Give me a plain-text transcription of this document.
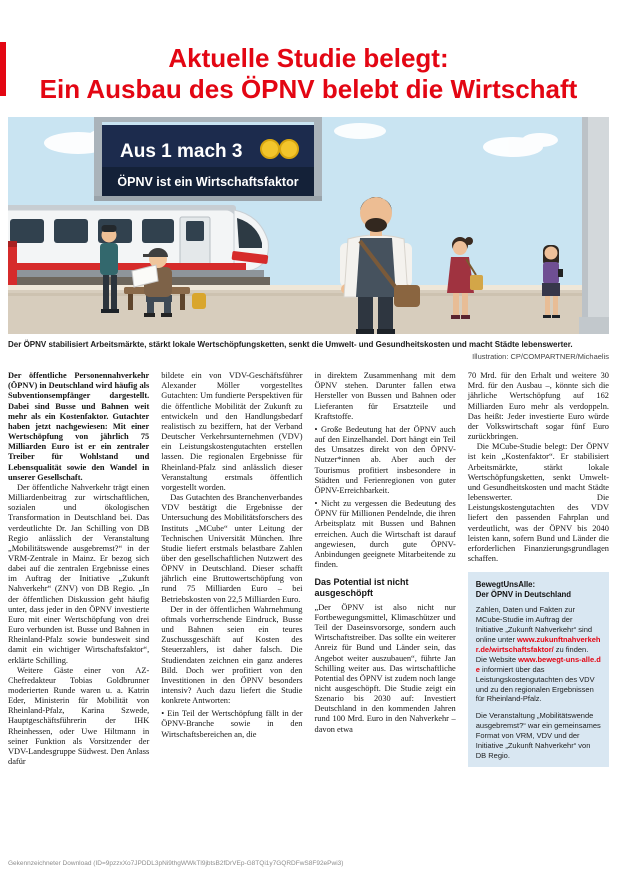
Aktuelle Studie belegt:
Ein Ausbau des ÖPNV belebt die Wirtschaft
Aus 1 mach 3
ÖPNV ist ein Wirtschaftsfaktor
Der ÖPNV stabilisiert Arbeitsmärkte, stärkt lokale Wertschöpfungsketten, senkt die Umwelt- und Gesundheitskosten und macht Städte lebenswerter.
Illustration: CP/COMPARTNER/Michaelis

Der öffentliche Personennahverkehr (ÖPNV) in Deutschland wird häufig als Subventionsempfänger dargestellt. Dabei sind Busse und Bahnen weit mehr als ein Kostenfaktor. Gutachter haben jetzt nachgewiesen: Mit einer Wertschöpfung von jährlich 75 Milliarden Euro ist er ein zentraler Treiber für Wohlstand und Lebensqualität sowie den Wandel in unserer Gesellschaft.

Der öffentliche Nahverkehr trägt einen Milliardenbeitrag zur wirtschaftlichen, sozialen und ökologischen Transformation in Deutschland bei. Das verdeutlichte Dr. Jan Schilling von DB Regio anlässlich der Veranstaltung „Mobilitätswende ausgebremst?“ in der VRM-Zentrale in Mainz. Er bezog sich dabei auf die zentralen Ergebnisse eines im Auftrag der Initiative „Zukunft Nahverkehr“ (ZNV) von DB Regio. „In der öffentlichen Diskussion geht häufig unter, dass jeder in den ÖPNV investierte Euro mit einer Wertschöpfung von drei Euro verbunden ist. Busse und Bahnen in Rheinland-Pfalz sowie bundesweit sind damit ein wichtiger Wirtschaftsfaktor“, erklärte Schilling.

Weitere Gäste einer von AZ-Chefredakteur Tobias Goldbrunner moderierten Runde waren u. a. Katrin Eder, Ministerin für Mobilität von Rheinland-Pfalz, Karina Szwede, Hauptgeschäftsführerin der IHK Rheinhessen, oder Uwe Hiltmann in seiner Funktion als Vorsitzender der VDV-Landesgruppe Südwest. Den Anlass dafür

bildete ein von VDV-Geschäftsführer Alexander Möller vorgestelltes Gutachten: Um fundierte Perspektiven für die öffentliche Mobilität der Zukunft zu entwickeln und den Handlungsbedarf realistisch zu beziffern, hat der Verband Deutscher Verkehrsunternehmen (VDV) ein Leistungskostengutachten erstellen lassen. Die regionalen Ergebnisse für Rheinland-Pfalz sind anlässlich dieser Veranstaltung erstmals öffentlich vorgestellt worden.

Das Gutachten des Branchenverbandes VDV bestätigt die Ergebnisse der Untersuchung des Mobilitätsforschers des Instituts „MCube“ unter Leitung der Technischen Universität München. Ihre Studie liefert erstmals belastbare Zahlen über den gesellschaftlichen Nutzwert des ÖPNV in Deutschland. Dieser schafft jährlich eine Bruttowertschöpfung von rund 75 Milliarden Euro – bei Betriebskosten von 22,5 Milliarden Euro.

Der in der öffentlichen Wahrnehmung oftmals vorherrschende Eindruck, Busse und Bahnen seien ein teures Zuschussgeschäft auf Kosten des Steuerzahlers, ist daher falsch. Die Studiendaten zeichnen ein ganz anderes Bild. Doch wer profitiert von den Investitionen in den ÖPNV besonders intensiv? Auch dazu liefert die Studie konkrete Antworten:

• Ein Teil der Wertschöpfung fällt in der ÖPNV-Branche sowie in den Wirtschaftsbereichen an, die

in direktem Zusammenhang mit dem ÖPNV stehen. Darunter fallen etwa Hersteller von Bussen und Bahnen oder Lieferanten für Ersatzteile und Kraftstoffe.

• Große Bedeutung hat der ÖPNV auch auf den Einzelhandel. Dort hängt ein Teil des Umsatzes direkt von den ÖPNV-Nutzer*innen ab. Aber auch der Tourismus profitiert insbesondere in Städten und Ferienregionen von guter ÖPNV-Erreichbarkeit.

• Nicht zu vergessen die Bedeutung des ÖPNV für Millionen Pendelnde, die ihren Arbeitsplatz mit Bussen und Bahnen erreichen. Auch die Wirtschaft ist darauf angewiesen, durch gute ÖPNV-Anbindungen geeignete Mitarbeitende zu finden.

Das Potential ist nicht ausgeschöpft

„Der ÖPNV ist also nicht nur Fortbewegungsmittel, Klimaschützer und Teil der Daseinsvorsorge, sondern auch Wirtschaftstreiber. Das sollte ein weiterer Anreiz für Bund und Länder sein, das Angebot weiter auszubauen“, führte Jan Schilling weiter aus. Das wirtschaftliche Potential des ÖPNV ist zudem noch lange nicht ausgeschöpft. Die Studie zeigt ein Szenario bis 2030 auf: Investiert Deutschland in den kommenden Jahren rund 100 Mrd. Euro in den Nahverkehr – davon etwa

70 Mrd. für den Erhalt und weitere 30 Mrd. für den Ausbau –, könnte sich die jährliche Wertschöpfung auf 162 Milliarden Euro mehr als verdoppeln. Das heißt: Jeder investierte Euro würde der Volkswirtschaft sogar fünf Euro zurückbringen.

Die MCube-Studie belegt: Der ÖPNV ist kein „Kostenfaktor“. Er stabilisiert Arbeitsmärkte, stärkt lokale Wertschöpfungsketten, senkt Umwelt- und Gesundheitskosten und macht Städte lebenswerter. Die Leistungskostengutachten des VDV liefert den passenden Fahrplan und verdeutlicht, was der ÖPNV bis 2040 leisten kann, sofern Bund und Länder die erforderlichen Finanzierungsgrundlagen schaffen.

BewegtUnsAlle:
Der ÖPNV in Deutschland

Zahlen, Daten und Fakten zur MCube-Studie im Auftrag der Initiative „Zukunft Nahverkehr“ sind online unter www.zukunftnahverkehr.de/wirtschaftsfaktor/ zu finden. Die Website www.bewegt-uns-alle.de informiert über das Leistungskostengutachten des VDV und zu den regionalen Ergebnissen für Rheinland-Pfalz.

Die Veranstaltung „Mobilitätswende ausgebremst?“ war ein gemeinsames Format von VRM, VDV und der Initiative „Zukunft Nahverkehr“ von DB Regio.

Gekennzeichneter Download (ID=9pzzxXo7JPDDL3pNi9thgWWkTl9jbtsB2fDrVEp-G8TQi1y7GQRDFwS8F92ePwi3)
